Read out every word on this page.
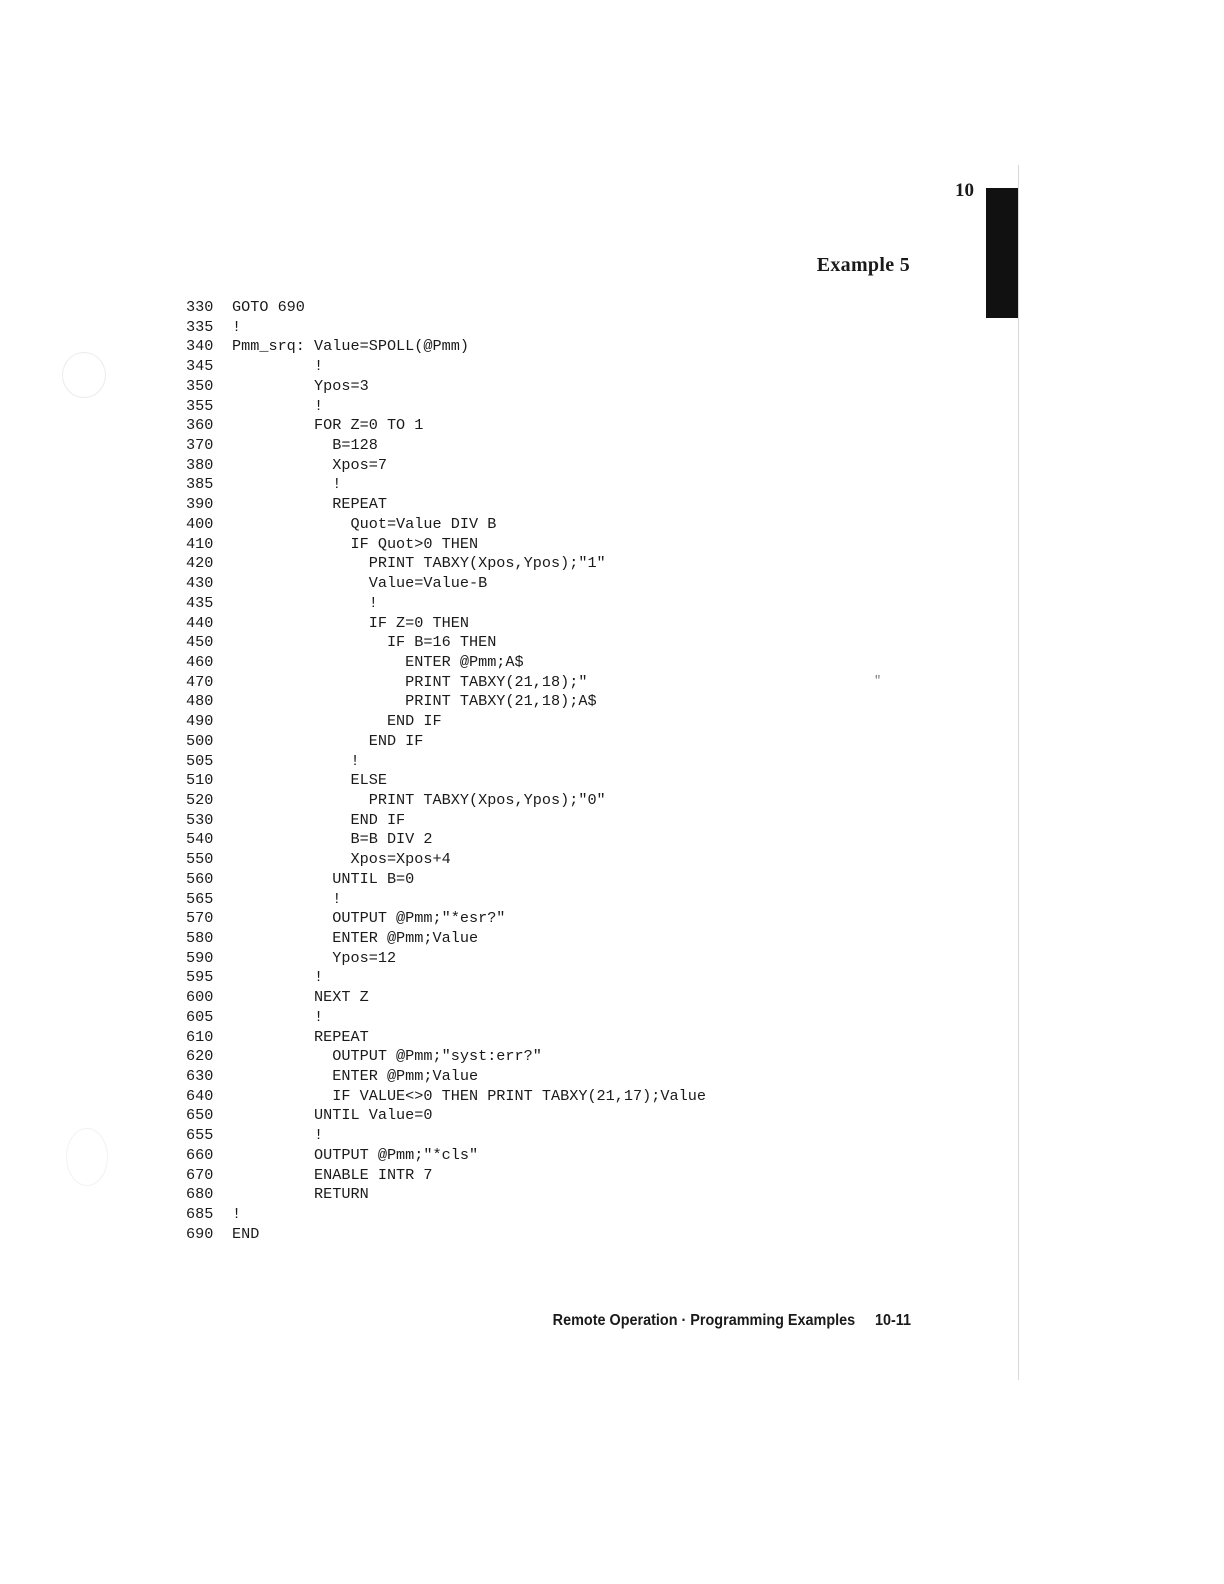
10
Example 5
330	GOTO 690
335	!
340	Pmm_srq: Value=SPOLL(@Pmm)
345	!
350	Ypos=3
355	!
360	FOR Z=0 TO 1
370	B=128
380	Xpos=7
385	!
390	REPEAT
400	Quot=Value DIV B
410	IF Quot>0 THEN
420	PRINT TABXY(Xpos,Ypos);"1"
430	Value=Value-B
435	!
440	IF Z=0 THEN
450	IF B=16 THEN
460	ENTER @Pmm;A$
470	PRINT TABXY(21,18);"
480	PRINT TABXY(21,18);A$
490	END IF
500	END IF
505	!
510	ELSE
520	PRINT TABXY(Xpos,Ypos);"0"
530	END IF
540	B=B DIV 2
550	Xpos=Xpos+4
560	UNTIL B=0
565	!
570	OUTPUT @Pmm;"*esr?"
580	ENTER @Pmm;Value
590	Ypos=12
595	!
600	NEXT Z
605	!
610	REPEAT
620	OUTPUT @Pmm;"syst:err?"
630	ENTER @Pmm;Value
640	IF VALUE<>0 THEN PRINT TABXY(21,17);Value
650	UNTIL Value=0
655	!
660	OUTPUT @Pmm;"*cls"
670	ENABLE INTR 7
680	RETURN
685	!
690	END
"
Remote Operation · Programming Examples 10-11
